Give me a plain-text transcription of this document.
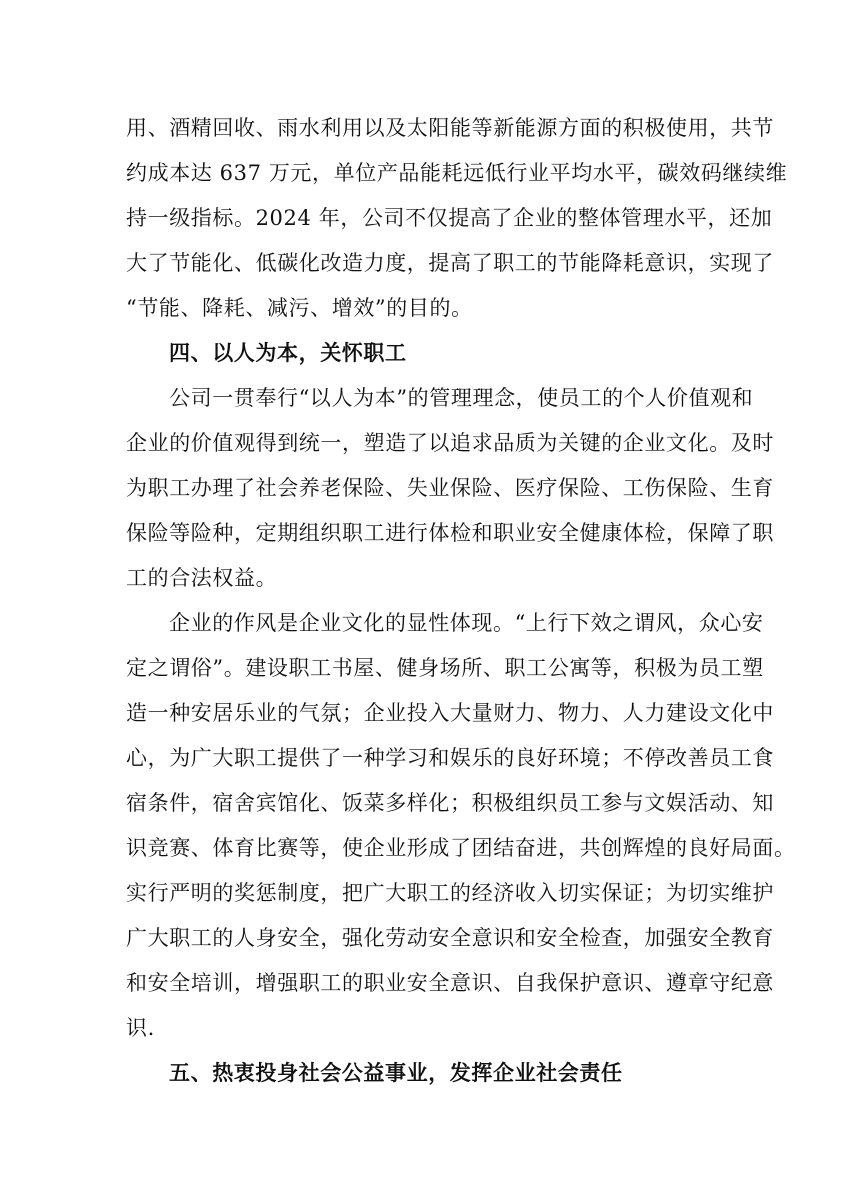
用、酒精回收、雨水利用以及太阳能等新能源方面的积极使用，共节
约成本达 637 万元，单位产品能耗远低行业平均水平，碳效码继续维
持一级指标。2024 年，公司不仅提高了企业的整体管理水平，还加
大了节能化、低碳化改造力度，提高了职工的节能降耗意识，实现了
“节能、降耗、减污、增效”的目的。
四、以人为本，关怀职工
公司一贯奉行“以人为本”的管理理念，使员工的个人价值观和
企业的价值观得到统一，塑造了以追求品质为关键的企业文化。及时
为职工办理了社会养老保险、失业保险、医疗保险、工伤保险、生育
保险等险种，定期组织职工进行体检和职业安全健康体检，保障了职
工的合法权益。
企业的作风是企业文化的显性体现。“上行下效之谓风，众心安
定之谓俗”。建设职工书屋、健身场所、职工公寓等，积极为员工塑
造一种安居乐业的气氛；企业投入大量财力、物力、人力建设文化中
心，为广大职工提供了一种学习和娱乐的良好环境；不停改善员工食
宿条件，宿舍宾馆化、饭菜多样化；积极组织员工参与文娱活动、知
识竞赛、体育比赛等，使企业形成了团结奋进，共创辉煌的良好局面。
实行严明的奖惩制度，把广大职工的经济收入切实保证；为切实维护
广大职工的人身安全，强化劳动安全意识和安全检查，加强安全教育
和安全培训，增强职工的职业安全意识、自我保护意识、遵章守纪意
识.
五、热衷投身社会公益事业，发挥企业社会责任
